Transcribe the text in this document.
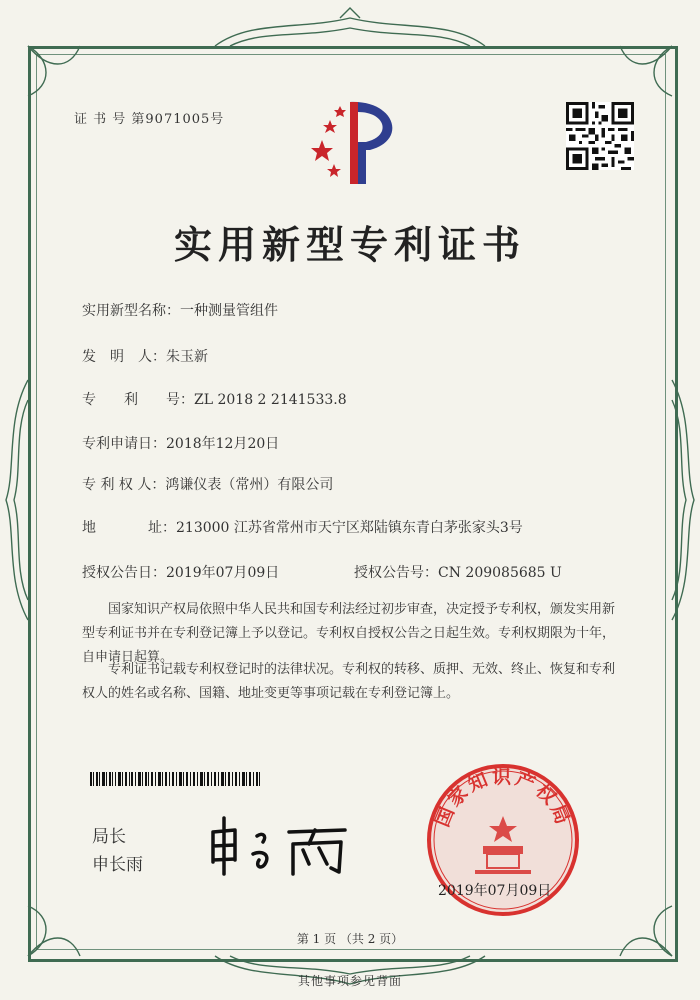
证 书 号 第9071005号
实用新型专利证书
实用新型名称：一种测量管组件
发　明　人：朱玉新
专　　利　　号：ZL 2018 2 2141533.8
专利申请日：2018年12月20日
专 利 权 人：鸿谦仪表（常州）有限公司
地	址：213000 江苏省常州市天宁区郑陆镇东青白茅张家头3号
授权公告日：2019年07月09日	授权公告号：CN 209085685 U
国家知识产权局依照中华人民共和国专利法经过初步审查，决定授予专利权，颁发实用新型专利证书并在专利登记簿上予以登记。专利权自授权公告之日起生效。专利权期限为十年，自申请日起算。
专利证书记载专利权登记时的法律状况。专利权的转移、质押、无效、终止、恢复和专利权人的姓名或名称、国籍、地址变更等事项记载在专利登记簿上。
局长
申长雨
国家知识产权局
2019年07月09日
第 1 页 （共 2 页）
其他事项参见背面
